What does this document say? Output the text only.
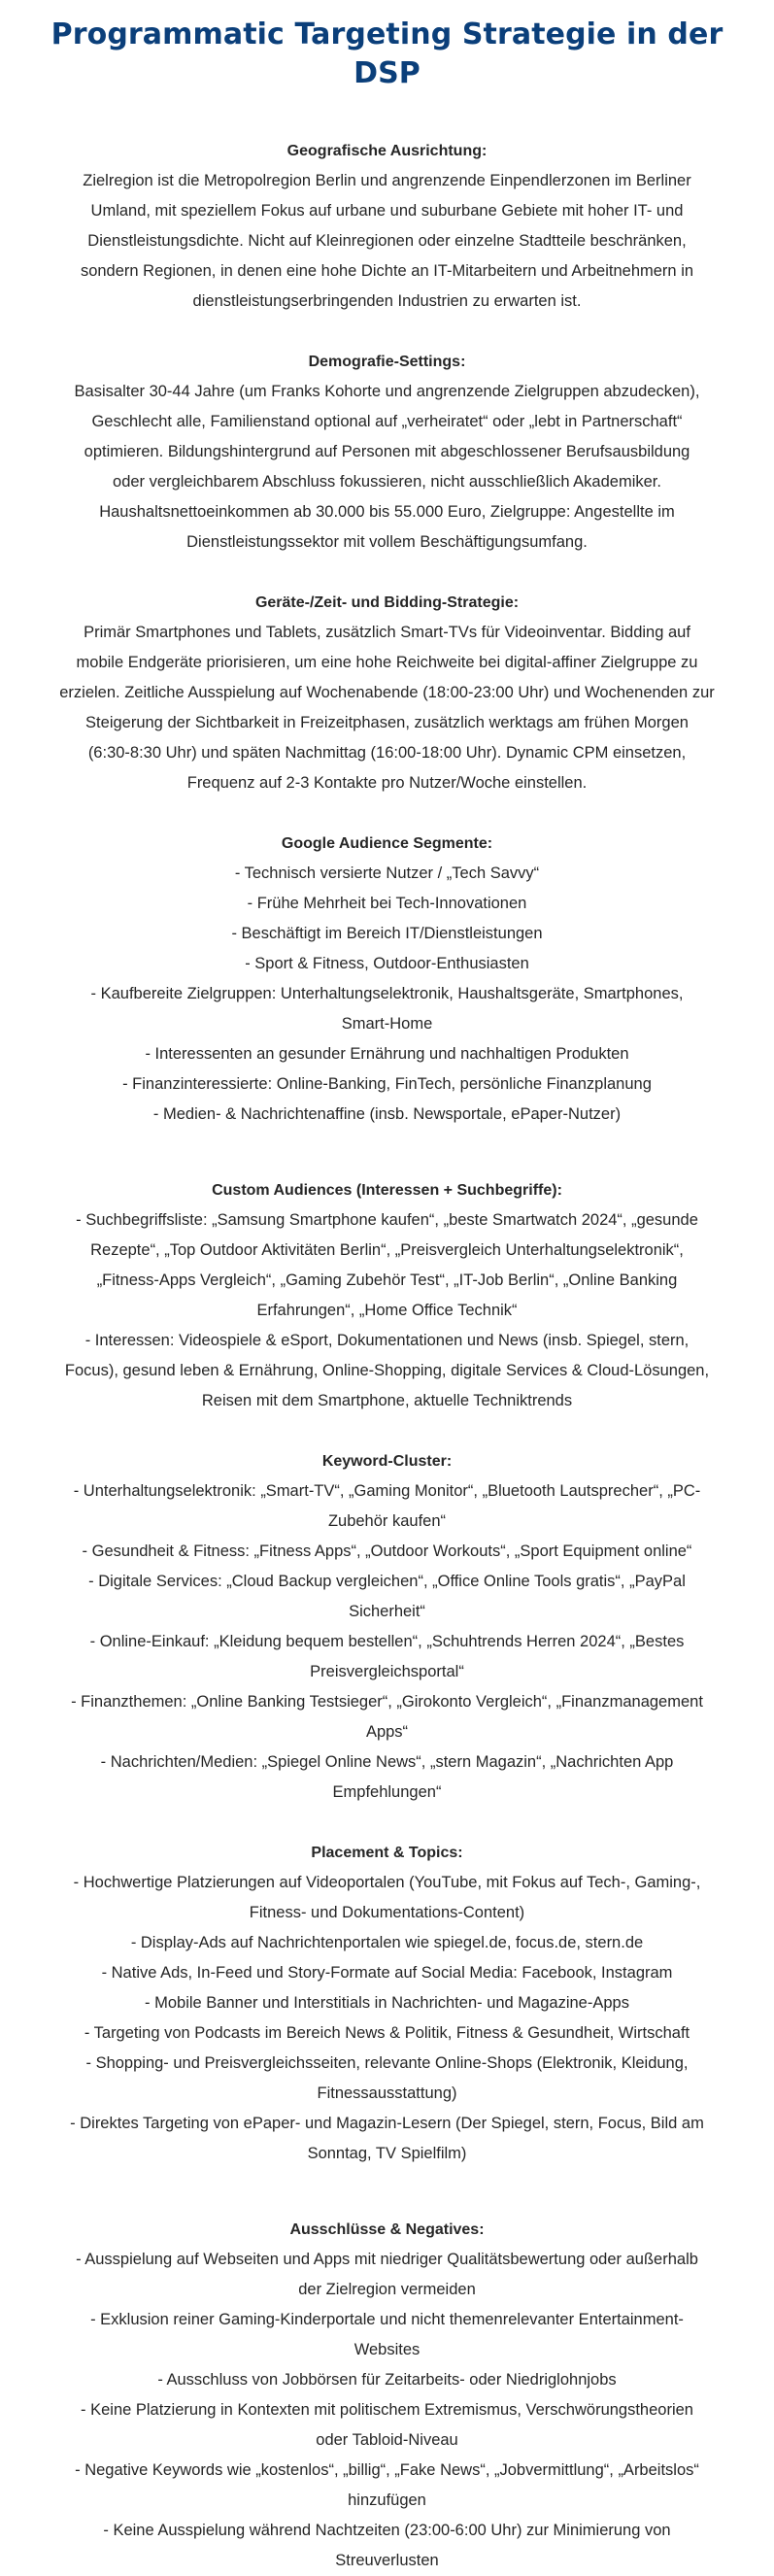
Programmatic Targeting Strategie in der DSP
Geografische Ausrichtung:

Zielregion ist die Metropolregion Berlin und angrenzende Einpendlerzonen im Berliner

Umland, mit speziellem Fokus auf urbane und suburbane Gebiete mit hoher IT- und

Dienstleistungsdichte. Nicht auf Kleinregionen oder einzelne Stadtteile beschränken,

sondern Regionen, in denen eine hohe Dichte an IT-Mitarbeitern und Arbeitnehmern in

dienstleistungserbringenden Industrien zu erwarten ist.

Demografie-Settings:

Basisalter 30-44 Jahre (um Franks Kohorte und angrenzende Zielgruppen abzudecken),

Geschlecht alle, Familienstand optional auf „verheiratet“ oder „lebt in Partnerschaft“

optimieren. Bildungshintergrund auf Personen mit abgeschlossener Berufsausbildung

oder vergleichbarem Abschluss fokussieren, nicht ausschließlich Akademiker.

Haushaltsnettoeinkommen ab 30.000 bis 55.000 Euro, Zielgruppe: Angestellte im

Dienstleistungssektor mit vollem Beschäftigungsumfang.

Geräte-/Zeit- und Bidding-Strategie:

Primär Smartphones und Tablets, zusätzlich Smart-TVs für Videoinventar. Bidding auf

mobile Endgeräte priorisieren, um eine hohe Reichweite bei digital-affiner Zielgruppe zu

erzielen. Zeitliche Ausspielung auf Wochenabende (18:00-23:00 Uhr) und Wochenenden zur

Steigerung der Sichtbarkeit in Freizeitphasen, zusätzlich werktags am frühen Morgen

(6:30-8:30 Uhr) und späten Nachmittag (16:00-18:00 Uhr). Dynamic CPM einsetzen,

Frequenz auf 2-3 Kontakte pro Nutzer/Woche einstellen.

Google Audience Segmente:

- Technisch versierte Nutzer / „Tech Savvy“

- Frühe Mehrheit bei Tech-Innovationen

- Beschäftigt im Bereich IT/Dienstleistungen

- Sport & Fitness, Outdoor-Enthusiasten

- Kaufbereite Zielgruppen: Unterhaltungselektronik, Haushaltsgeräte, Smartphones,

Smart-Home

- Interessenten an gesunder Ernährung und nachhaltigen Produkten

- Finanzinteressierte: Online-Banking, FinTech, persönliche Finanzplanung

- Medien- & Nachrichtenaffine (insb. Newsportale, ePaper-Nutzer)

Custom Audiences (Interessen + Suchbegriffe):

- Suchbegriffsliste: „Samsung Smartphone kaufen“, „beste Smartwatch 2024“, „gesunde

Rezepte“, „Top Outdoor Aktivitäten Berlin“, „Preisvergleich Unterhaltungselektronik“,

„Fitness-Apps Vergleich“, „Gaming Zubehör Test“, „IT-Job Berlin“, „Online Banking

Erfahrungen“, „Home Office Technik“

- Interessen: Videospiele & eSport, Dokumentationen und News (insb. Spiegel, stern,

Focus), gesund leben & Ernährung, Online-Shopping, digitale Services & Cloud-Lösungen,

Reisen mit dem Smartphone, aktuelle Techniktrends

Keyword-Cluster:

- Unterhaltungselektronik: „Smart-TV“, „Gaming Monitor“, „Bluetooth Lautsprecher“, „PC-

Zubehör kaufen“

- Gesundheit & Fitness: „Fitness Apps“, „Outdoor Workouts“, „Sport Equipment online“

- Digitale Services: „Cloud Backup vergleichen“, „Office Online Tools gratis“, „PayPal

Sicherheit“

- Online-Einkauf: „Kleidung bequem bestellen“, „Schuhtrends Herren 2024“, „Bestes

Preisvergleichsportal“

- Finanzthemen: „Online Banking Testsieger“, „Girokonto Vergleich“, „Finanzmanagement

Apps“

- Nachrichten/Medien: „Spiegel Online News“, „stern Magazin“, „Nachrichten App

Empfehlungen“

Placement & Topics:

- Hochwertige Platzierungen auf Videoportalen (YouTube, mit Fokus auf Tech-, Gaming-,

Fitness- und Dokumentations-Content)

- Display-Ads auf Nachrichtenportalen wie spiegel.de, focus.de, stern.de

- Native Ads, In-Feed und Story-Formate auf Social Media: Facebook, Instagram

- Mobile Banner und Interstitials in Nachrichten- und Magazine-Apps

- Targeting von Podcasts im Bereich News & Politik, Fitness & Gesundheit, Wirtschaft

- Shopping- und Preisvergleichsseiten, relevante Online-Shops (Elektronik, Kleidung,

Fitnessausstattung)

- Direktes Targeting von ePaper- und Magazin-Lesern (Der Spiegel, stern, Focus, Bild am

Sonntag, TV Spielfilm)

Ausschlüsse & Negatives:

- Ausspielung auf Webseiten und Apps mit niedriger Qualitätsbewertung oder außerhalb

der Zielregion vermeiden

- Exklusion reiner Gaming-Kinderportale und nicht themenrelevanter Entertainment-

Websites

- Ausschluss von Jobbörsen für Zeitarbeits- oder Niedriglohnjobs

- Keine Platzierung in Kontexten mit politischem Extremismus, Verschwörungstheorien

oder Tabloid-Niveau

- Negative Keywords wie „kostenlos“, „billig“, „Fake News“, „Jobvermittlung“, „Arbeitslos“

hinzufügen

- Keine Ausspielung während Nachtzeiten (23:00-6:00 Uhr) zur Minimierung von

Streuverlusten
